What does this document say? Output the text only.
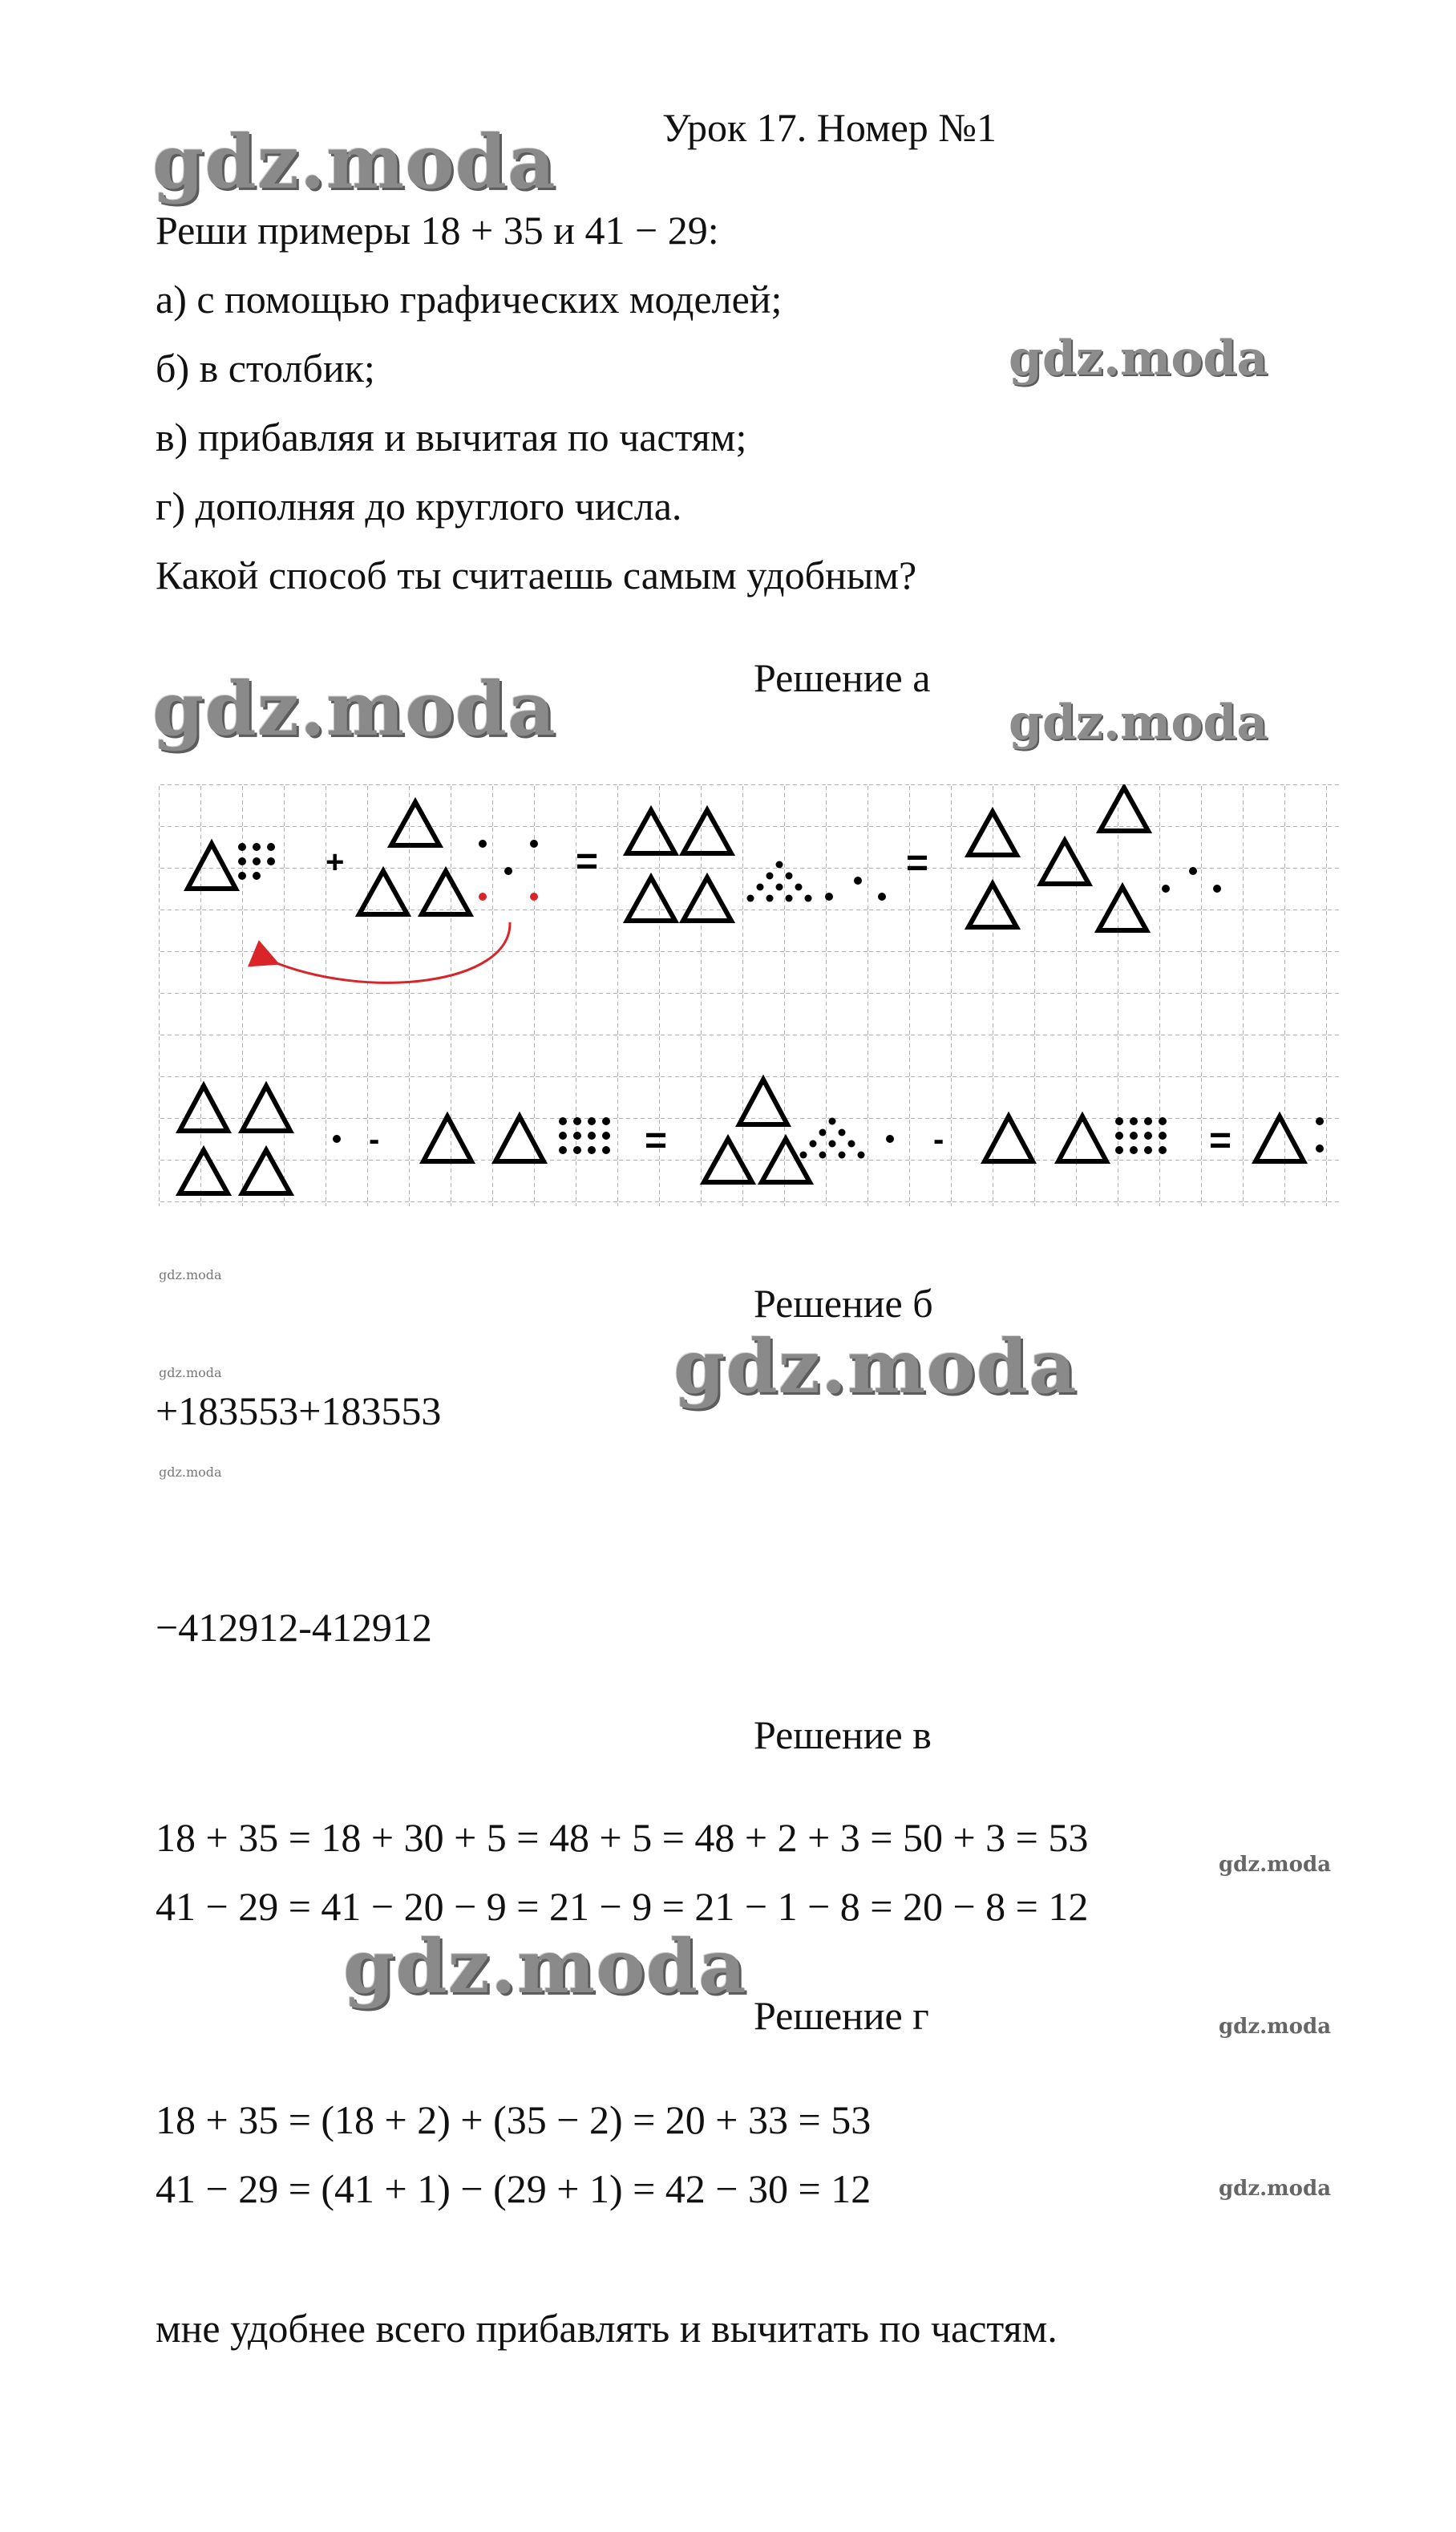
gdz.moda
gdz.moda
gdz.moda	gdz.moda
gdz.moda
gdz.moda
gdz.moda
gdz.moda
gdz.moda
gdz.moda
gdz.moda
gdz.moda
Урок 17. Номер №1
Реши примеры 18 + 35 и 41 − 29:
а) с помощью графических моделей;
б) в столбик;
в) прибавляя и вычитая по частям;
г) дополняя до круглого числа.
Какой способ ты считаешь самым удобным?
Решение а
+	=	=
-	=	-	=
Решение б
+183553+183553
−412912-412912
Решение в
18 + 35 = 18 + 30 + 5 = 48 + 5 = 48 + 2 + 3 = 50 + 3 = 53
41 − 29 = 41 − 20 − 9 = 21 − 9 = 21 − 1 − 8 = 20 − 8 = 12
Решение г
18 + 35 = (18 + 2) + (35 − 2) = 20 + 33 = 53
41 − 29 = (41 + 1) − (29 + 1) = 42 − 30 = 12
мне удобнее всего прибавлять и вычитать по частям.
